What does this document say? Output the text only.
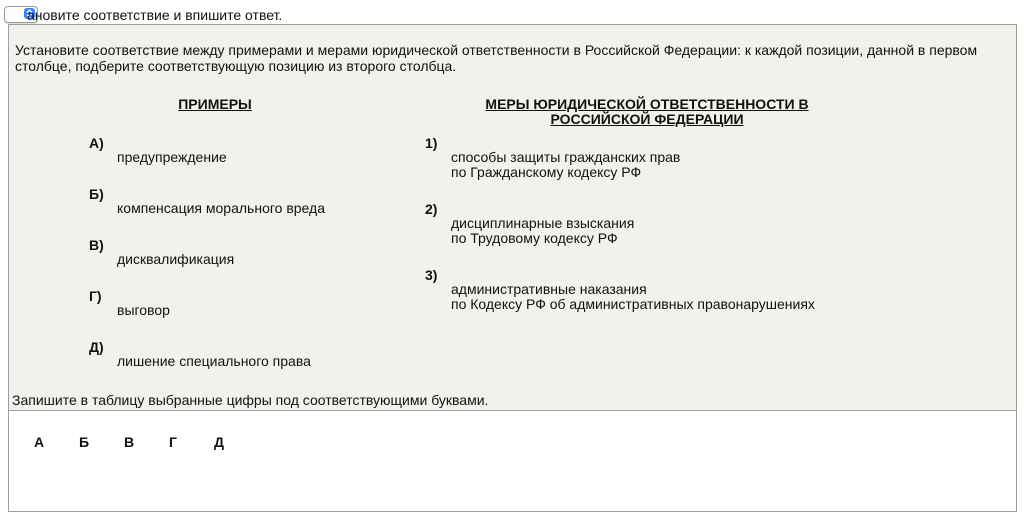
ановите соответствие и впишите ответ.
Установите соответствие между примерами и мерами юридической ответственности в Российской Федерации: к каждой позиции, данной в первом столбце, подберите соответствующую позицию из второго столбца.
ПРИМЕРЫ	МЕРЫ ЮРИДИЧЕСКОЙ ОТВЕТСТВЕННОСТИ В
РОССИЙСКОЙ ФЕДЕРАЦИИ
А)
предупреждение
Б)
компенсация морального вреда
В)
дисквалификация
Г)
выговор
Д)
лишение специального права
1)
способы защиты гражданских прав
по Гражданскому кодексу РФ
2)
дисциплинарные взыскания
по Трудовому кодексу РФ
3)
административные наказания
по Кодексу РФ об административных правонарушениях
Запишите в таблицу выбранные цифры под соответствующими буквами.
А Б В Г	Д
